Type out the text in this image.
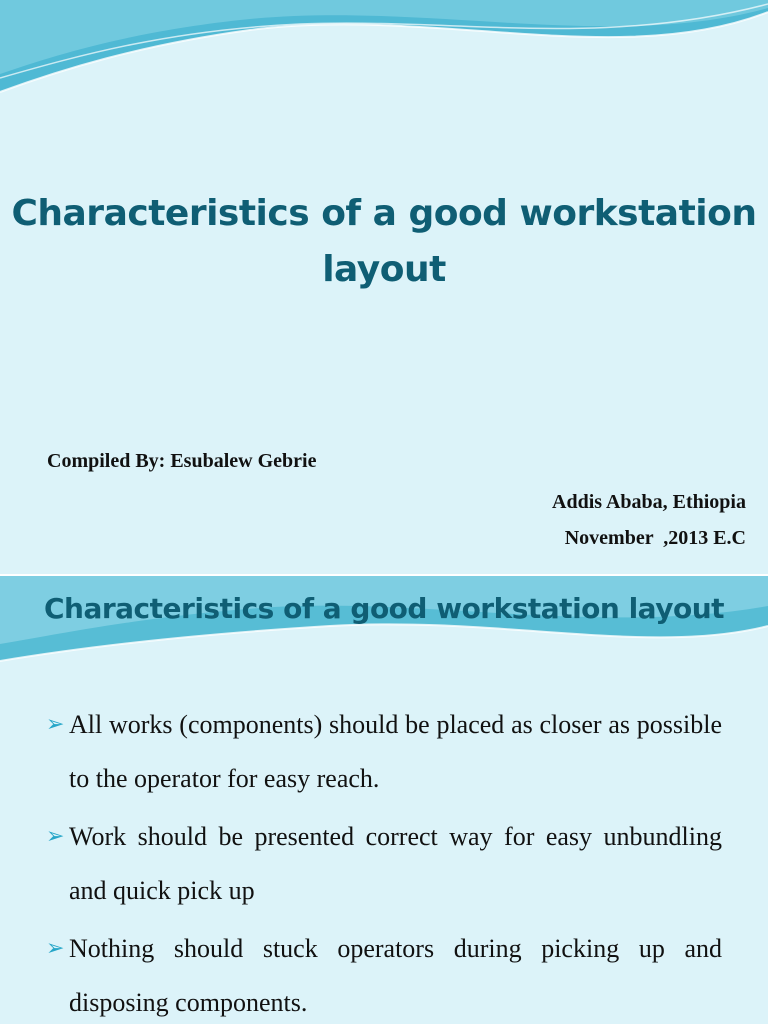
Characteristics of a good workstation layout
Compiled By: Esubalew Gebrie
Addis Ababa, Ethiopia
November  ,2013 E.C
Characteristics of a good workstation layout
➢ All works (components) should be placed as closer as possible to the operator for easy reach.
➢ Work should be presented correct way for easy unbundling and quick pick up
➢ Nothing should stuck operators during picking up and disposing components.
